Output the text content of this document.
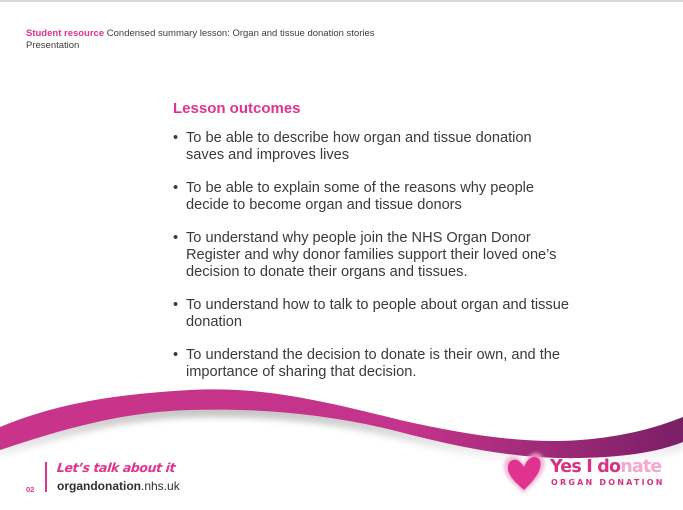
Student resource Condensed summary lesson: Organ and tissue donation stories
Presentation
Lesson outcomes
• To be able to describe how organ and tissue donation saves and improves lives
• To be able to explain some of the reasons why people decide to become organ and tissue donors
• To understand why people join the NHS Organ Donor Register and why donor families support their loved one’s decision to donate their organs and tissues.
• To understand how to talk to people about organ and tissue donation
• To understand the decision to donate is their own, and the importance of sharing that decision.
02
Let’s talk about it
organdonation.nhs.uk
Yes I donate
ORGAN DONATION
